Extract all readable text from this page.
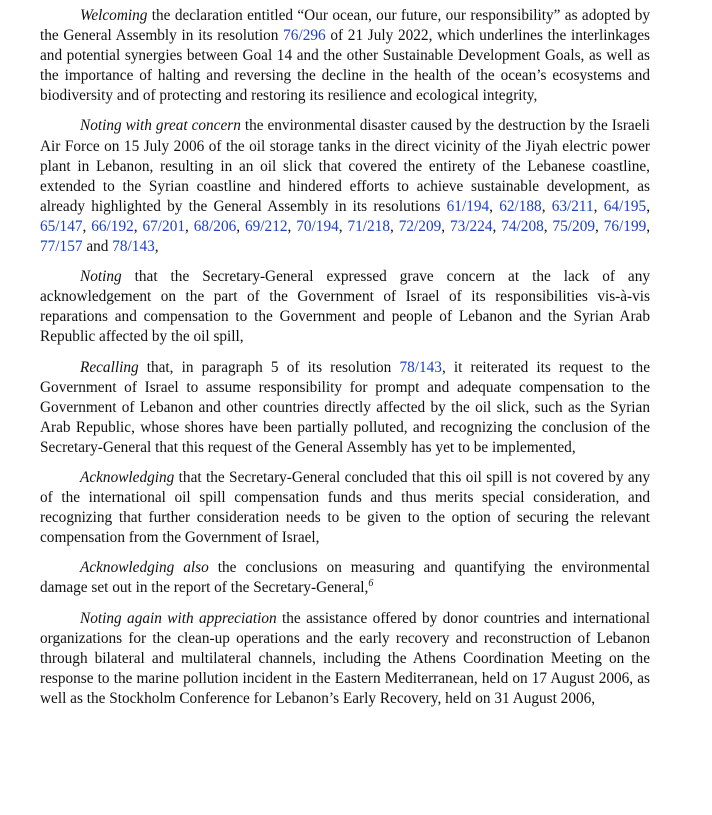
Welcoming the declaration entitled “Our ocean, our future, our responsibility” as adopted by the General Assembly in its resolution 76/296 of 21 July 2022, which underlines the interlinkages and potential synergies between Goal 14 and the other Sustainable Development Goals, as well as the importance of halting and reversing the decline in the health of the ocean’s ecosystems and biodiversity and of protecting and restoring its resilience and ecological integrity,

Noting with great concern the environmental disaster caused by the destruction by the Israeli Air Force on 15 July 2006 of the oil storage tanks in the direct vicinity of the Jiyah electric power plant in Lebanon, resulting in an oil slick that covered the entirety of the Lebanese coastline, extended to the Syrian coastline and hindered efforts to achieve sustainable development, as already highlighted by the General Assembly in its resolutions 61/194, 62/188, 63/211, 64/195, 65/147, 66/192, 67/201, 68/206, 69/212, 70/194, 71/218, 72/209, 73/224, 74/208, 75/209, 76/199, 77/157 and 78/143,

Noting that the Secretary-General expressed grave concern at the lack of any acknowledgement on the part of the Government of Israel of its responsibilities vis-à-vis reparations and compensation to the Government and people of Lebanon and the Syrian Arab Republic affected by the oil spill,

Recalling that, in paragraph 5 of its resolution 78/143, it reiterated its request to the Government of Israel to assume responsibility for prompt and adequate compensation to the Government of Lebanon and other countries directly affected by the oil slick, such as the Syrian Arab Republic, whose shores have been partially polluted, and recognizing the conclusion of the Secretary-General that this request of the General Assembly has yet to be implemented,

Acknowledging that the Secretary-General concluded that this oil spill is not covered by any of the international oil spill compensation funds and thus merits special consideration, and recognizing that further consideration needs to be given to the option of securing the relevant compensation from the Government of Israel,

Acknowledging also the conclusions on measuring and quantifying the environmental damage set out in the report of the Secretary-General,$^6$

Noting again with appreciation the assistance offered by donor countries and international organizations for the clean-up operations and the early recovery and reconstruction of Lebanon through bilateral and multilateral channels, including the Athens Coordination Meeting on the response to the marine pollution incident in the Eastern Mediterranean, held on 17 August 2006, as well as the Stockholm Conference for Lebanon’s Early Recovery, held on 31 August 2006,
